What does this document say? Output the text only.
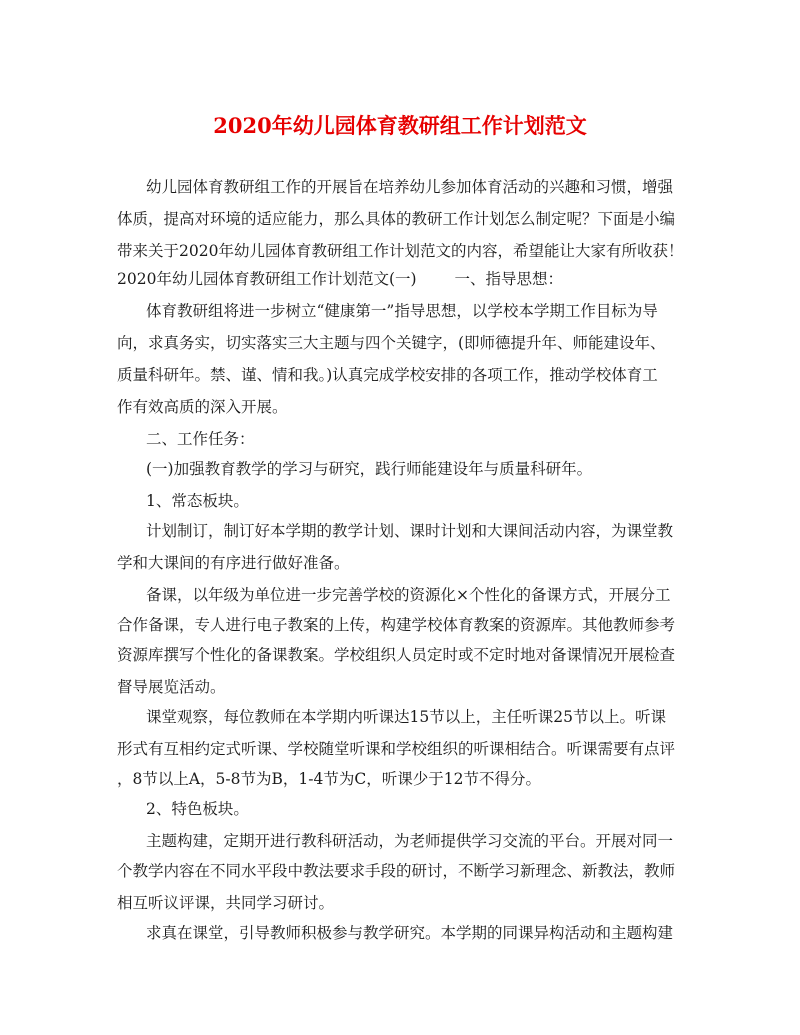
2020年幼儿园体育教研组工作计划范文
幼儿园体育教研组工作的开展旨在培养幼儿参加体育活动的兴趣和习惯，增强
体质，提高对环境的适应能力，那么具体的教研工作计划怎么制定呢？下面是小编
带来关于2020年幼儿园体育教研组工作计划范文的内容，希望能让大家有所收获！
2020年幼儿园体育教研组工作计划范文(一) 一、指导思想：
体育教研组将进一步树立“健康第一”指导思想，以学校本学期工作目标为导
向，求真务实，切实落实三大主题与四个关键字，(即师德提升年、师能建设年、
质量科研年。禁、谨、情和我。)认真完成学校安排的各项工作，推动学校体育工
作有效高质的深入开展。
二、工作任务：
(一)加强教育教学的学习与研究，践行师能建设年与质量科研年。
1、常态板块。
计划制订，制订好本学期的教学计划、课时计划和大课间活动内容，为课堂教
学和大课间的有序进行做好准备。
备课，以年级为单位进一步完善学校的资源化×个性化的备课方式，开展分工
合作备课，专人进行电子教案的上传，构建学校体育教案的资源库。其他教师参考
资源库撰写个性化的备课教案。学校组织人员定时或不定时地对备课情况开展检查
督导展览活动。
课堂观察，每位教师在本学期内听课达15节以上，主任听课25节以上。听课
形式有互相约定式听课、学校随堂听课和学校组织的听课相结合。听课需要有点评
，8节以上A，5-8节为B，1-4节为C，听课少于12节不得分。
2、特色板块。
主题构建，定期开进行教科研活动，为老师提供学习交流的平台。开展对同一
个教学内容在不同水平段中教法要求手段的研讨，不断学习新理念、新教法，教师
相互听议评课，共同学习研讨。
求真在课堂，引导教师积极参与教学研究。本学期的同课异构活动和主题构建
